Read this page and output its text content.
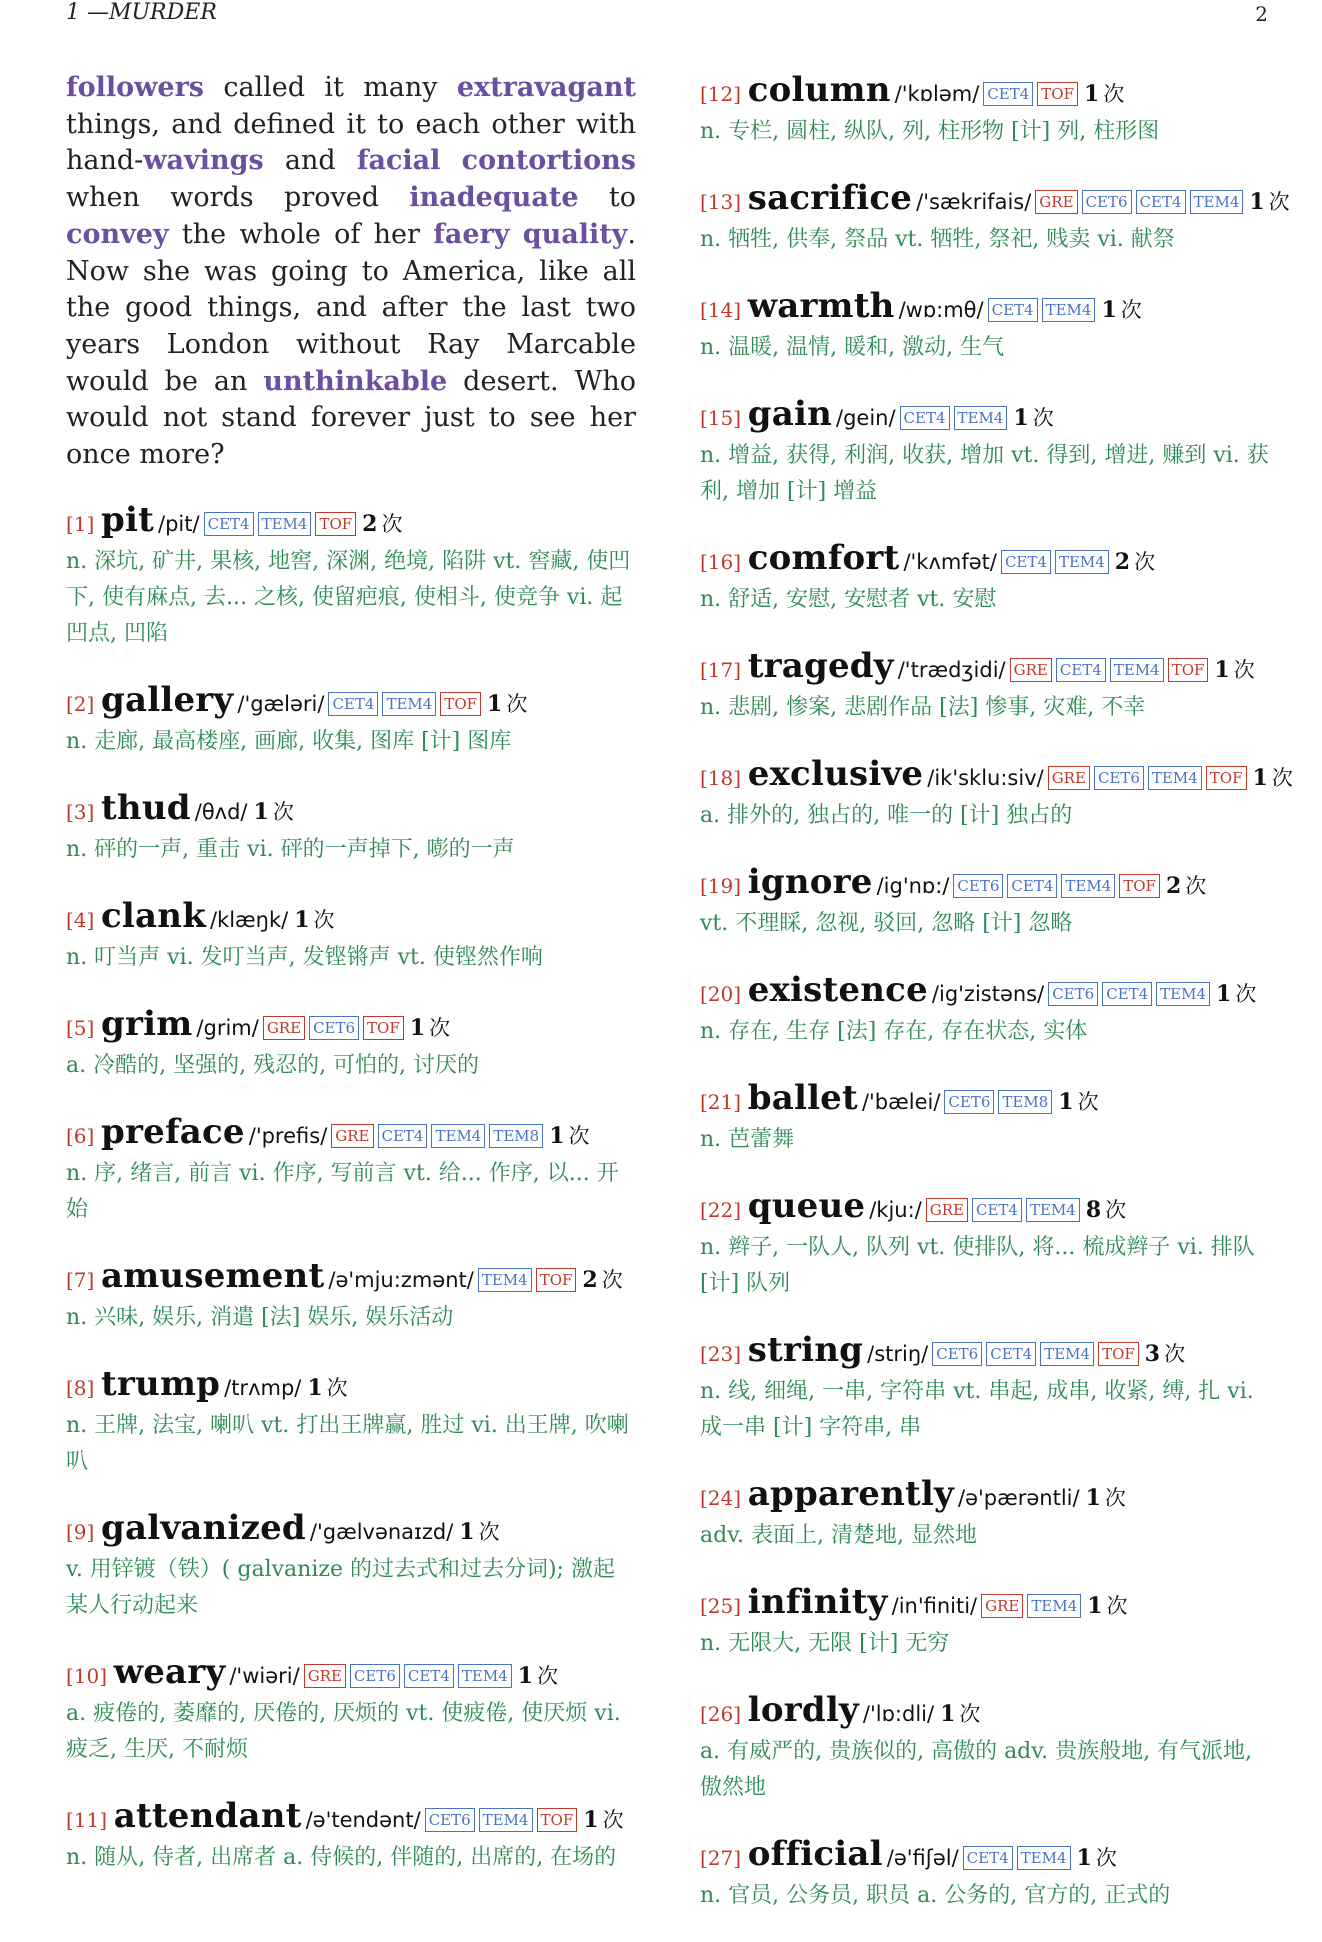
1 —MURDER	2

followers called it many extravagant things, and defined it to each other with hand-wavings and facial contortions when words proved inadequate to convey the whole of her faery quality. Now she was going to America, like all the good things, and after the last two years London without Ray Marcable would be an unthinkable desert. Who would not stand forever just to see her once more?

[1] pit /pit/ CET4 TEM4 TOF 2 次
n. 深坑, 矿井, 果核, 地窖, 深渊, 绝境, 陷阱 vt. 窖藏, 使凹下, 使有麻点, 去... 之核, 使留疤痕, 使相斗, 使竞争 vi. 起凹点, 凹陷
[2] gallery /'gæləri/ CET4 TEM4 TOF 1 次
n. 走廊, 最高楼座, 画廊, 收集, 图库 [计] 图库
[3] thud /θʌd/ 1 次
n. 砰的一声, 重击 vi. 砰的一声掉下, 嘭的一声
[4] clank /klæŋk/ 1 次
n. 叮当声 vi. 发叮当声, 发铿锵声 vt. 使铿然作响
[5] grim /grim/ GRE CET6 TOF 1 次
a. 冷酷的, 坚强的, 残忍的, 可怕的, 讨厌的
[6] preface /'prefis/ GRE CET4 TEM4 TEM8 1 次
n. 序, 绪言, 前言 vi. 作序, 写前言 vt. 给... 作序, 以... 开始
[7] amusement /ə'mju:zmənt/ TEM4 TOF 2 次
n. 兴味, 娱乐, 消遣 [法] 娱乐, 娱乐活动
[8] trump /trʌmp/ 1 次
n. 王牌, 法宝, 喇叭 vt. 打出王牌赢, 胜过 vi. 出王牌, 吹喇叭
[9] galvanized /'gælvənaɪzd/ 1 次
v. 用锌镀（铁）( galvanize 的过去式和过去分词); 激起某人行动起来
[10] weary /'wiəri/ GRE CET6 CET4 TEM4 1 次
a. 疲倦的, 萎靡的, 厌倦的, 厌烦的 vt. 使疲倦, 使厌烦 vi. 疲乏, 生厌, 不耐烦
[11] attendant /ə'tendənt/ CET6 TEM4 TOF 1 次
n. 随从, 侍者, 出席者 a. 侍候的, 伴随的, 出席的, 在场的
[12] column /'kɒləm/ CET4 TOF 1 次
n. 专栏, 圆柱, 纵队, 列, 柱形物 [计] 列, 柱形图
[13] sacrifice /'sækrifais/ GRE CET6 CET4 TEM4 1 次
n. 牺牲, 供奉, 祭品 vt. 牺牲, 祭祀, 贱卖 vi. 献祭
[14] warmth /wɒ:mθ/ CET4 TEM4 1 次
n. 温暖, 温情, 暖和, 激动, 生气
[15] gain /gein/ CET4 TEM4 1 次
n. 增益, 获得, 利润, 收获, 增加 vt. 得到, 增进, 赚到 vi. 获利, 增加 [计] 增益
[16] comfort /'kʌmfət/ CET4 TEM4 2 次
n. 舒适, 安慰, 安慰者 vt. 安慰
[17] tragedy /'trædʒidi/ GRE CET4 TEM4 TOF 1 次
n. 悲剧, 惨案, 悲剧作品 [法] 惨事, 灾难, 不幸
[18] exclusive /ik'sklu:siv/ GRE CET6 TEM4 TOF 1 次
a. 排外的, 独占的, 唯一的 [计] 独占的
[19] ignore /ig'nɒ:/ CET6 CET4 TEM4 TOF 2 次
vt. 不理睬, 忽视, 驳回, 忽略 [计] 忽略
[20] existence /ig'zistəns/ CET6 CET4 TEM4 1 次
n. 存在, 生存 [法] 存在, 存在状态, 实体
[21] ballet /'bælei/ CET6 TEM8 1 次
n. 芭蕾舞
[22] queue /kju:/ GRE CET4 TEM4 8 次
n. 辫子, 一队人, 队列 vt. 使排队, 将... 梳成辫子 vi. 排队 [计] 队列
[23] string /striŋ/ CET6 CET4 TEM4 TOF 3 次
n. 线, 细绳, 一串, 字符串 vt. 串起, 成串, 收紧, 缚, 扎 vi. 成一串 [计] 字符串, 串
[24] apparently /ə'pærəntli/ 1 次
adv. 表面上, 清楚地, 显然地
[25] infinity /in'finiti/ GRE TEM4 1 次
n. 无限大, 无限 [计] 无穷
[26] lordly /'lɒ:dli/ 1 次
a. 有威严的, 贵族似的, 高傲的 adv. 贵族般地, 有气派地, 傲然地
[27] official /ə'fiʃəl/ CET4 TEM4 1 次
n. 官员, 公务员, 职员 a. 公务的, 官方的, 正式的
